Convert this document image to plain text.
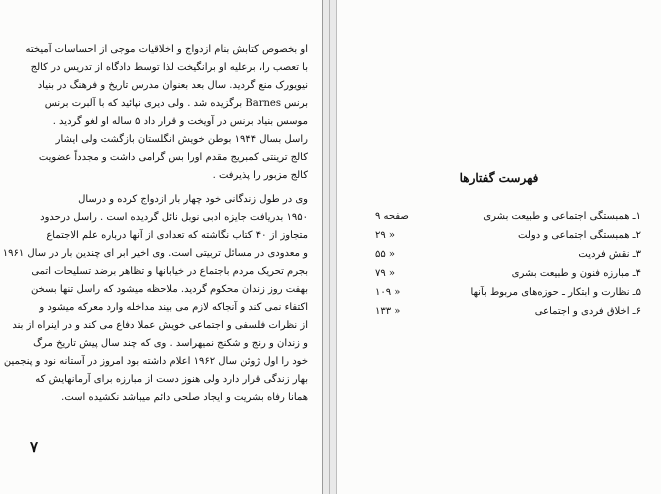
او بخصوص کتابش بنام ازدواج و اخلاقیات موجی از احساسات آمیخته
با تعصب را، برعلیه او برانگیخت لذا توسط دادگاه از تدریس در کالج
نیویورک منع گردید. سال بعد بعنوان مدرس تاریخ و فرهنگ در بنیاد
برنس Barnes برگزیده شد . ولی دیری نپائید که با آلبرت برنس
موسس بنیاد برنس در آویخت و قرار داد ۵ ساله او لغو گردید .
راسل بسال ۱۹۴۴ بوطن خویش انگلستان بازگشت ولی ایشار
کالج ترینتی کمبریج مقدم اورا بس گرامی داشت و مجدداً عضویت
کالج مزبور را پذیرفت .
وی در طول زندگانی خود چهار بار ازدواج کرده و درسال
۱۹۵۰ بدریافت جایزه ادبی نوبل نائل گردیده است . راسل درحدود
متجاوز از ۴۰ کتاب نگاشته که تعدادی از آنها درباره علم الاجتماع
و معدودی در مسائل تربیتی است. وی اخیر ابر ای چندین بار در سال ۱۹۶۱
بجرم تحریک مردم باجتماع در خیابانها و تظاهر برضد تسلیحات اتمی
بهفت روز زندان محکوم گردید. ملاحظه میشود که راسل تنها بسخن
اکتفاء نمی کند و آنجاکه لازم می بیند مداخله وارد معرکه میشود و
از نظرات فلسفی و اجتماعی خویش عملا دفاع می کند و در اینراه از بند
و زندان و رنج و شکنج نمیهراسد . وی که چند سال پیش تاریخ مرگ
خود را اول ژوئن سال ۱۹۶۲ اعلام داشته بود امروز در آستانه نود و پنجمین
بهار زندگی قرار دارد ولی هنوز دست از مبارزه برای آرمانهایش که
همانا رفاه بشریت و ایجاد صلحی دائم میباشد نکشیده است.
۷
فهرست گفتارها
۱ـ همبستگی اجتماعی و طبیعت بشری
صفحه ۹
۲ـ همبستگی اجتماعی و دولت
« ۲۹
۳ـ نقش فردیت
« ۵۵
۴ـ مبارزه فنون و طبیعت بشری
« ۷۹
۵ـ نظارت و ابتکار ـ حوزه‌های مربوط بآنها
« ۱۰۹
۶ـ اخلاق فردی و اجتماعی
« ۱۳۳
